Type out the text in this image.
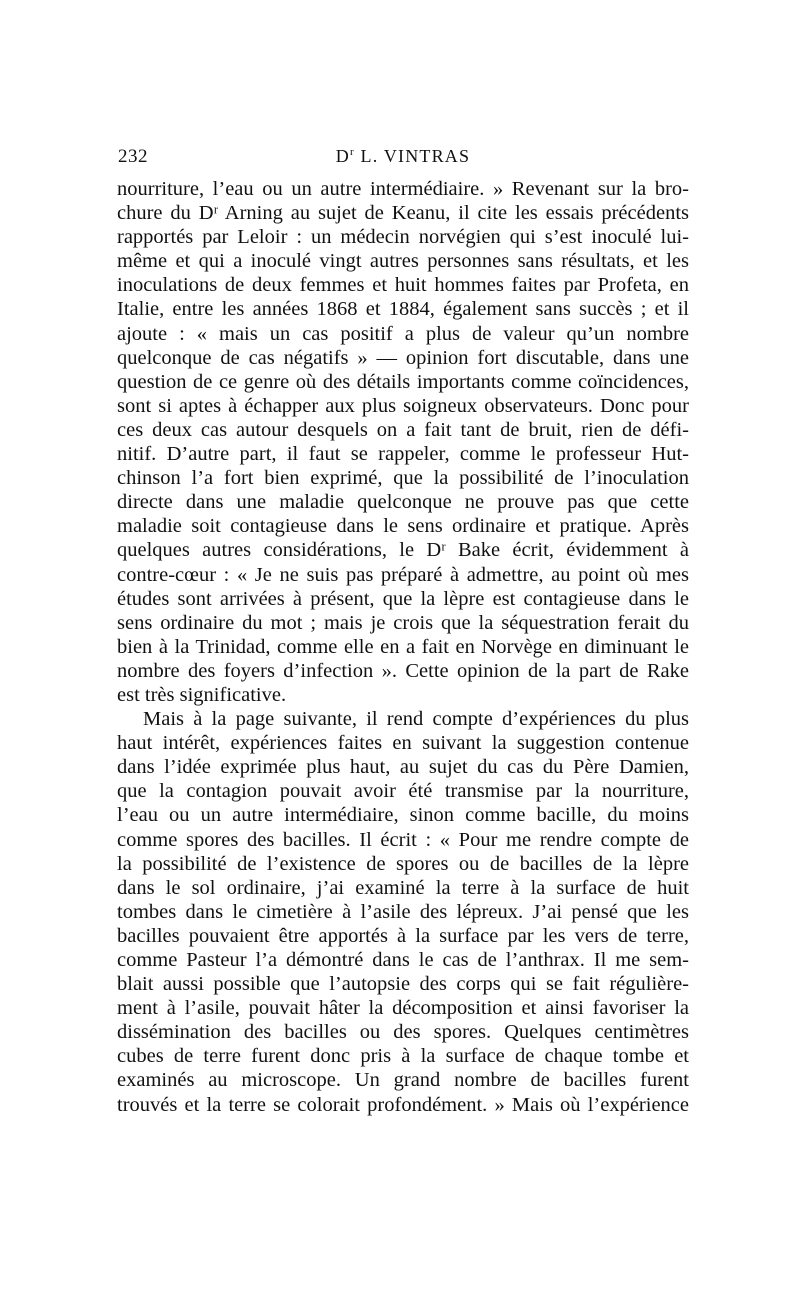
232	$D^r$ L. VINTRAS
nourriture, l’eau ou un autre intermédiaire. » Revenant sur la bro-
chure du Dʳ Arning au sujet de Keanu, il cite les essais précédents
rapportés par Leloir : un médecin norvégien qui s’est inoculé lui-
même et qui a inoculé vingt autres personnes sans résultats, et les
inoculations de deux femmes et huit hommes faites par Profeta, en
Italie, entre les années 1868 et 1884, également sans succès ; et il
ajoute : « mais un cas positif a plus de valeur qu’un nombre
quelconque de cas négatifs » — opinion fort discutable, dans une
question de ce genre où des détails importants comme coïncidences,
sont si aptes à échapper aux plus soigneux observateurs. Donc pour
ces deux cas autour desquels on a fait tant de bruit, rien de défi-
nitif. D’autre part, il faut se rappeler, comme le professeur Hut-
chinson l’a fort bien exprimé, que la possibilité de l’inoculation
directe dans une maladie quelconque ne prouve pas que cette
maladie soit contagieuse dans le sens ordinaire et pratique. Après
quelques autres considérations, le Dʳ Bake écrit, évidemment à
contre-cœur : « Je ne suis pas préparé à admettre, au point où mes
études sont arrivées à présent, que la lèpre est contagieuse dans le
sens ordinaire du mot ; mais je crois que la séquestration ferait du
bien à la Trinidad, comme elle en a fait en Norvège en diminuant le
nombre des foyers d’infection ». Cette opinion de la part de Rake
est très significative.
Mais à la page suivante, il rend compte d’expériences du plus
haut intérêt, expériences faites en suivant la suggestion contenue
dans l’idée exprimée plus haut, au sujet du cas du Père Damien,
que la contagion pouvait avoir été transmise par la nourriture,
l’eau ou un autre intermédiaire, sinon comme bacille, du moins
comme spores des bacilles. Il écrit : « Pour me rendre compte de
la possibilité de l’existence de spores ou de bacilles de la lèpre
dans le sol ordinaire, j’ai examiné la terre à la surface de huit
tombes dans le cimetière à l’asile des lépreux. J’ai pensé que les
bacilles pouvaient être apportés à la surface par les vers de terre,
comme Pasteur l’a démontré dans le cas de l’anthrax. Il me sem-
blait aussi possible que l’autopsie des corps qui se fait régulière-
ment à l’asile, pouvait hâter la décomposition et ainsi favoriser la
dissémination des bacilles ou des spores. Quelques centimètres
cubes de terre furent donc pris à la surface de chaque tombe et
examinés au microscope. Un grand nombre de bacilles furent
trouvés et la terre se colorait profondément. » Mais où l’expérience
